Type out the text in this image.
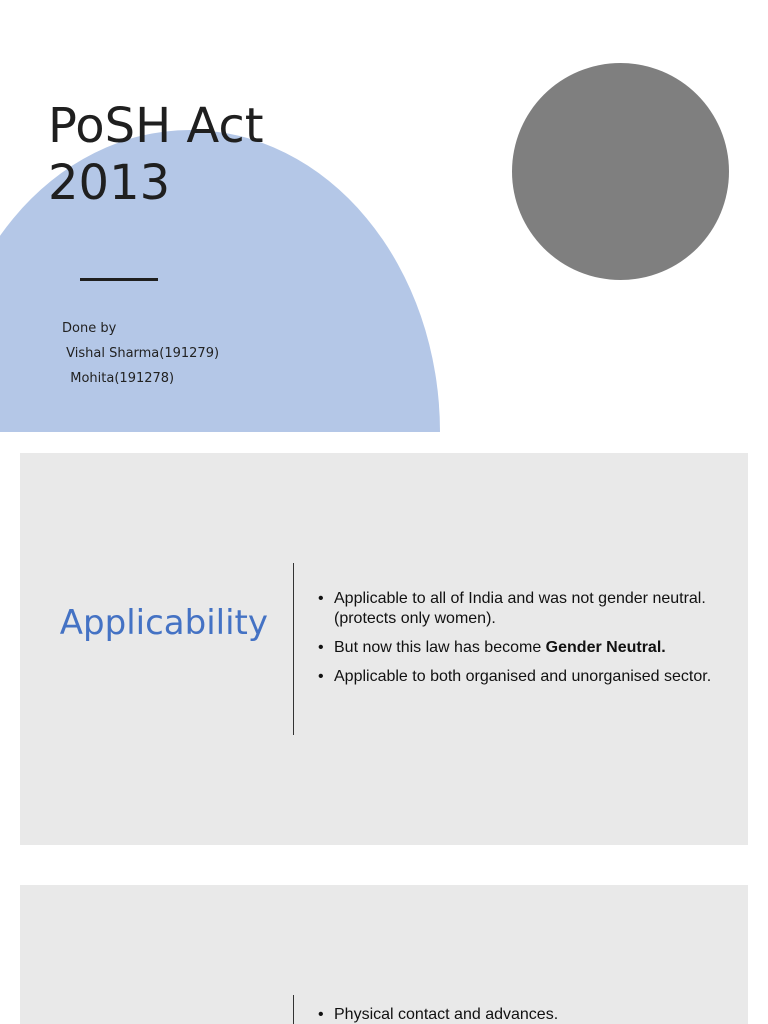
PoSH Act
2013
Done by
Vishal Sharma(191279)
Mohita(191278)
Applicability
• Applicable to all of India and was not gender neutral.(protects only women).
• But now this law has become Gender Neutral.
• Applicable to both organised and unorganised sector.
• Physical contact and advances.
